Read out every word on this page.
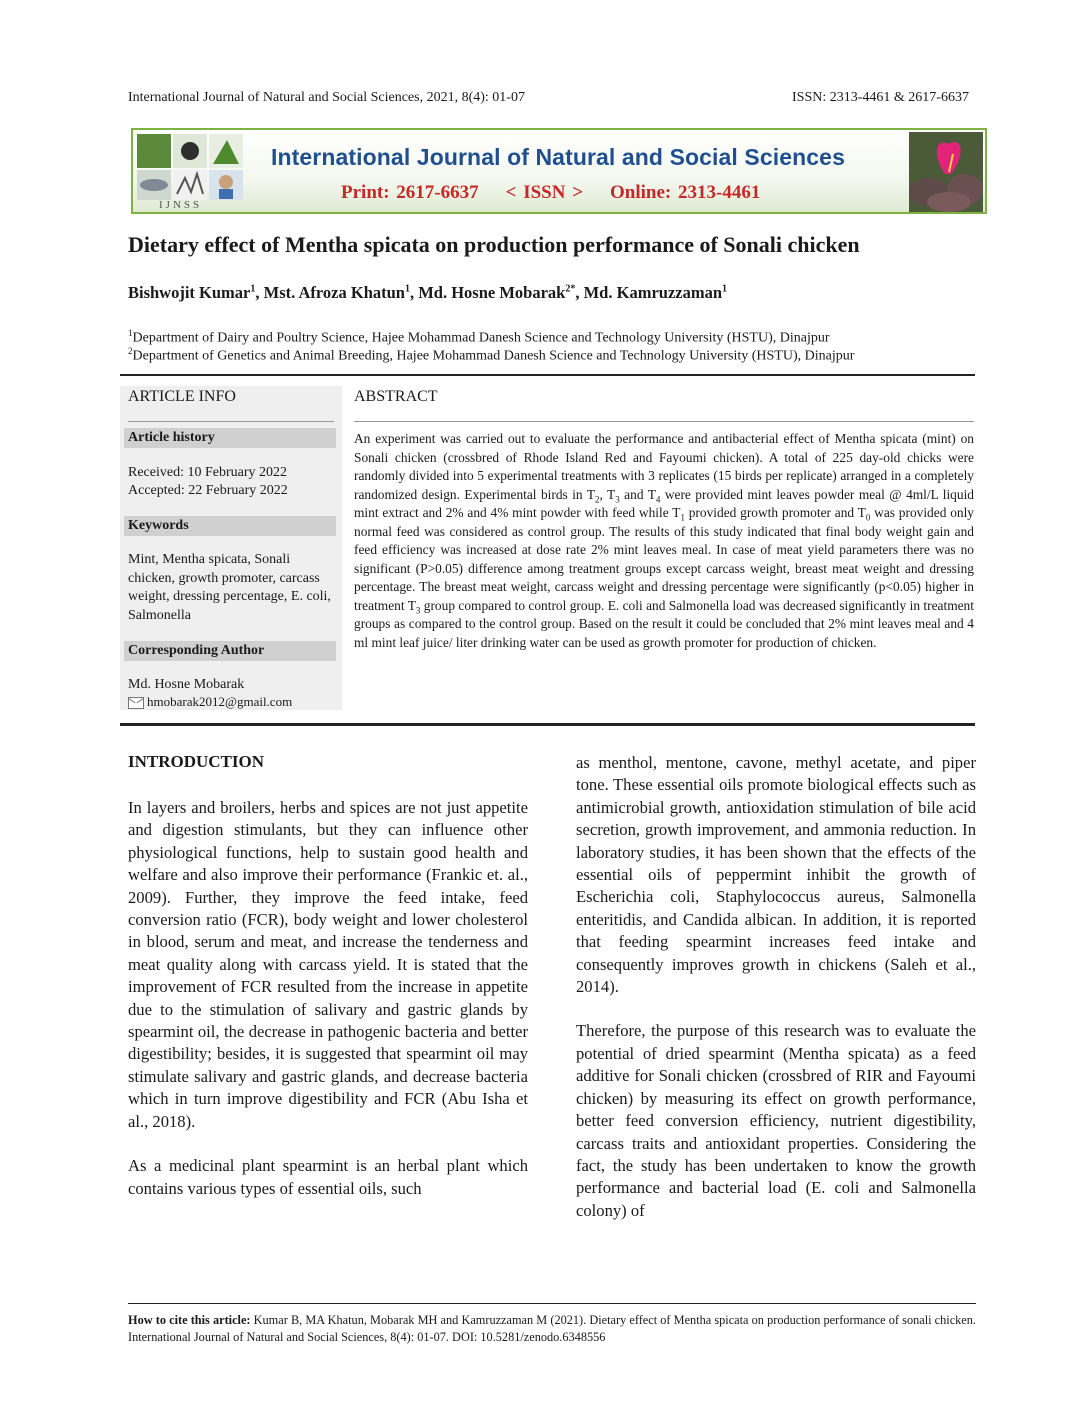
International Journal of Natural and Social Sciences, 2021, 8(4): 01-07	ISSN: 2313-4461 & 2617-6637
IJNSS
International Journal of Natural and Social Sciences
Print: 2617-6637 < ISSN > Online: 2313-4461
Dietary effect of Mentha spicata on production performance of Sonali chicken
Bishwojit Kumar$^1$, Mst. Afroza Khatun$^1$, Md. Hosne Mobarak$^{2*}$, Md. Kamruzzaman$^1$
$^1$Department of Dairy and Poultry Science, Hajee Mohammad Danesh Science and Technology University (HSTU), Dinajpur
$^2$Department of Genetics and Animal Breeding, Hajee Mohammad Danesh Science and Technology University (HSTU), Dinajpur
ARTICLE INFO
Article history
Received: 10 February 2022
Accepted: 22 February 2022
Keywords
Mint, Mentha spicata, Sonali chicken, growth promoter, carcass weight, dressing percentage, E. coli, Salmonella
Corresponding Author
Md. Hosne Mobarak
hmobarak2012@gmail.com
ABSTRACT
An experiment was carried out to evaluate the performance and antibacterial effect of Mentha spicata (mint) on Sonali chicken (crossbred of Rhode Island Red and Fayoumi chicken). A total of 225 day-old chicks were randomly divided into 5 experimental treatments with 3 replicates (15 birds per replicate) arranged in a completely randomized design. Experimental birds in $T_2$, $T_3$ and $T_4$ were provided mint leaves powder meal @ 4ml/L liquid mint extract and 2% and 4% mint powder with feed while $T_1$ provided growth promoter and $T_0$ was provided only normal feed was considered as control group. The results of this study indicated that final body weight gain and feed efficiency was increased at dose rate 2% mint leaves meal. In case of meat yield parameters there was no significant (P>0.05) difference among treatment groups except carcass weight, breast meat weight and dressing percentage. The breast meat weight, carcass weight and dressing percentage were significantly (p<0.05) higher in treatment $T_3$ group compared to control group. E. coli and Salmonella load was decreased significantly in treatment groups as compared to the control group. Based on the result it could be concluded that 2% mint leaves meal and 4 ml mint leaf juice/ liter drinking water can be used as growth promoter for production of chicken.
INTRODUCTION

In layers and broilers, herbs and spices are not just appetite and digestion stimulants, but they can influence other physiological functions, help to sustain good health and welfare and also improve their performance (Frankic et. al., 2009). Further, they improve the feed intake, feed conversion ratio (FCR), body weight and lower cholesterol in blood, serum and meat, and increase the tenderness and meat quality along with carcass yield. It is stated that the improvement of FCR resulted from the increase in appetite due to the stimulation of salivary and gastric glands by spearmint oil, the decrease in pathogenic bacteria and better digestibility; besides, it is suggested that spearmint oil may stimulate salivary and gastric glands, and decrease bacteria which in turn improve digestibility and FCR (Abu Isha et al., 2018).

As a medicinal plant spearmint is an herbal plant which contains various types of essential oils, such

as menthol, mentone, cavone, methyl acetate, and piper tone. These essential oils promote biological effects such as antimicrobial growth, antioxidation stimulation of bile acid secretion, growth improvement, and ammonia reduction. In laboratory studies, it has been shown that the effects of the essential oils of peppermint inhibit the growth of Escherichia coli, Staphylococcus aureus, Salmonella enteritidis, and Candida albican. In addition, it is reported that feeding spearmint increases feed intake and consequently improves growth in chickens (Saleh et al., 2014).

Therefore, the purpose of this research was to evaluate the potential of dried spearmint (Mentha spicata) as a feed additive for Sonali chicken (crossbred of RIR and Fayoumi chicken) by measuring its effect on growth performance, better feed conversion efficiency, nutrient digestibility, carcass traits and antioxidant properties. Considering the fact, the study has been undertaken to know the growth performance and bacterial load (E. coli and Salmonella colony) of

How to cite this article: Kumar B, MA Khatun, Mobarak MH and Kamruzzaman M (2021). Dietary effect of Mentha spicata on production performance of sonali chicken. International Journal of Natural and Social Sciences, 8(4): 01-07. DOI: 10.5281/zenodo.6348556
